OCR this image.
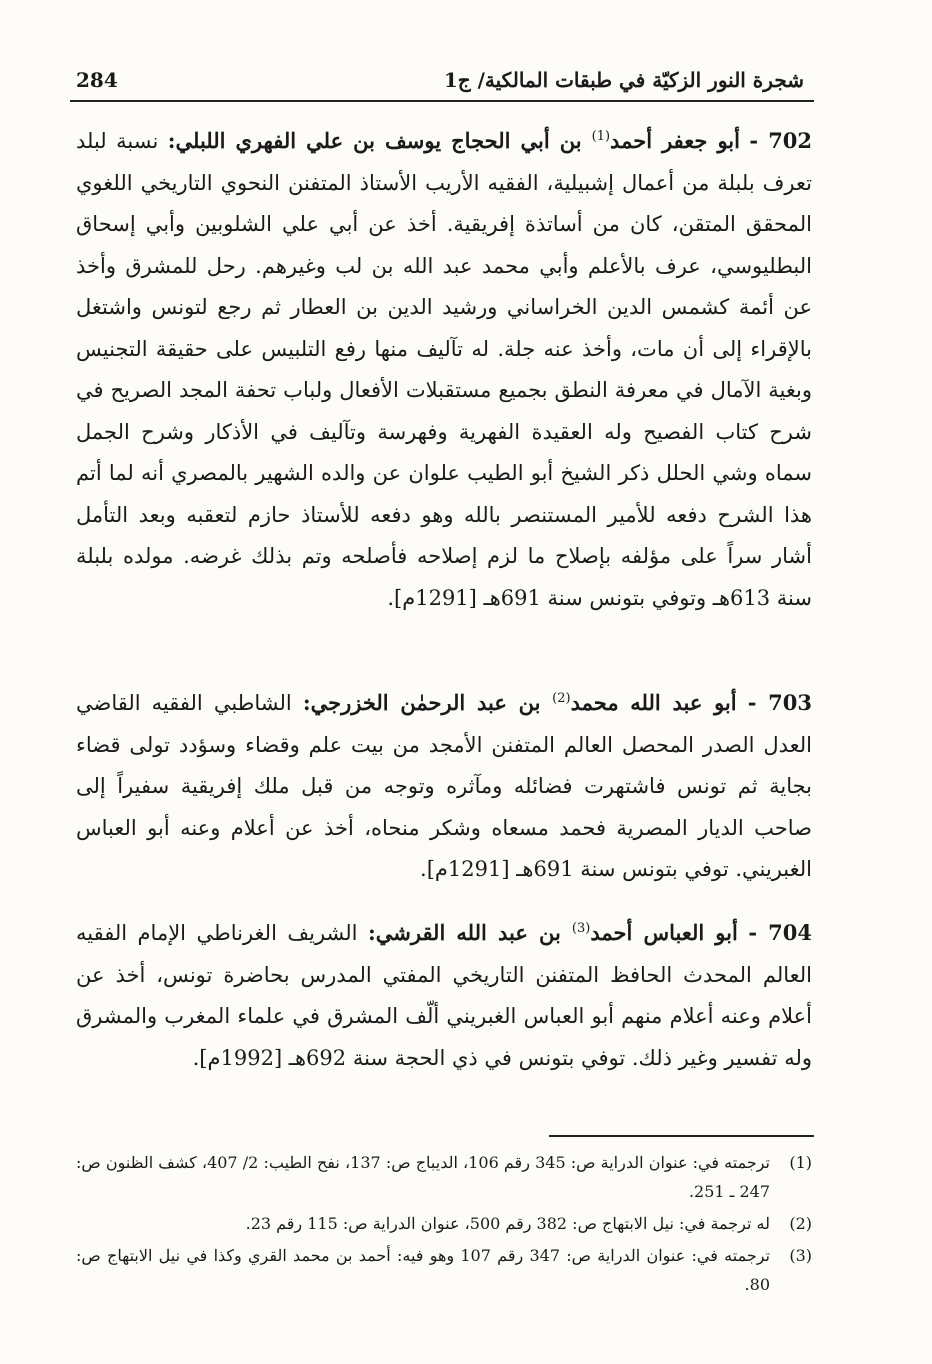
شجرة النور الزكيّة في طبقات المالكية/ ج1
284
702 - أبو جعفر أحمد$^{(1)}$ بن أبي الحجاج يوسف بن علي الفهري اللبلي: نسبة لبلد تعرف بلبلة من أعمال إشبيلية، الفقيه الأريب الأستاذ المتفنن النحوي التاريخي اللغوي المحقق المتقن، كان من أساتذة إفريقية. أخذ عن أبي علي الشلوبين وأبي إسحاق البطليوسي، عرف بالأعلم وأبي محمد عبد الله بن لب وغيرهم. رحل للمشرق وأخذ عن أئمة كشمس الدين الخراساني ورشيد الدين بن العطار ثم رجع لتونس واشتغل بالإقراء إلى أن مات، وأخذ عنه جلة. له تآليف منها رفع التلبيس على حقيقة التجنيس وبغية الآمال في معرفة النطق بجميع مستقبلات الأفعال ولباب تحفة المجد الصريح في شرح كتاب الفصيح وله العقيدة الفهرية وفهرسة وتآليف في الأذكار وشرح الجمل سماه وشي الحلل ذكر الشيخ أبو الطيب علوان عن والده الشهير بالمصري أنه لما أتم هذا الشرح دفعه للأمير المستنصر بالله وهو دفعه للأستاذ حازم لتعقبه وبعد التأمل أشار سراً على مؤلفه بإصلاح ما لزم إصلاحه فأصلحه وتم بذلك غرضه. مولده بلبلة سنة 613هـ وتوفي بتونس سنة 691هـ [1291م].
703 - أبو عبد الله محمد$^{(2)}$ بن عبد الرحمٰن الخزرجي: الشاطبي الفقيه القاضي العدل الصدر المحصل العالم المتفنن الأمجد من بيت علم وقضاء وسؤدد تولى قضاء بجاية ثم تونس فاشتهرت فضائله ومآثره وتوجه من قبل ملك إفريقية سفيراً إلى صاحب الديار المصرية فحمد مسعاه وشكر منحاه، أخذ عن أعلام وعنه أبو العباس الغبريني. توفي بتونس سنة 691هـ [1291م].
704 - أبو العباس أحمد$^{(3)}$ بن عبد الله القرشي: الشريف الغرناطي الإمام الفقيه العالم المحدث الحافظ المتفنن التاريخي المفتي المدرس بحاضرة تونس، أخذ عن أعلام وعنه أعلام منهم أبو العباس الغبريني ألّف المشرق في علماء المغرب والمشرق وله تفسير وغير ذلك. توفي بتونس في ذي الحجة سنة 692هـ [1992م].
(1)
ترجمته في: عنوان الدراية ص: 345 رقم 106، الديباج ص: 137، نفح الطيب: 2/ 407، كشف الظنون ص: 247 ـ 251.
(2)
له ترجمة في: نيل الابتهاج ص: 382 رقم 500، عنوان الدراية ص: 115 رقم 23.
(3)
ترجمته في: عنوان الدراية ص: 347 رقم 107 وهو فيه: أحمد بن محمد القري وكذا في نيل الابتهاج ص: 80.
